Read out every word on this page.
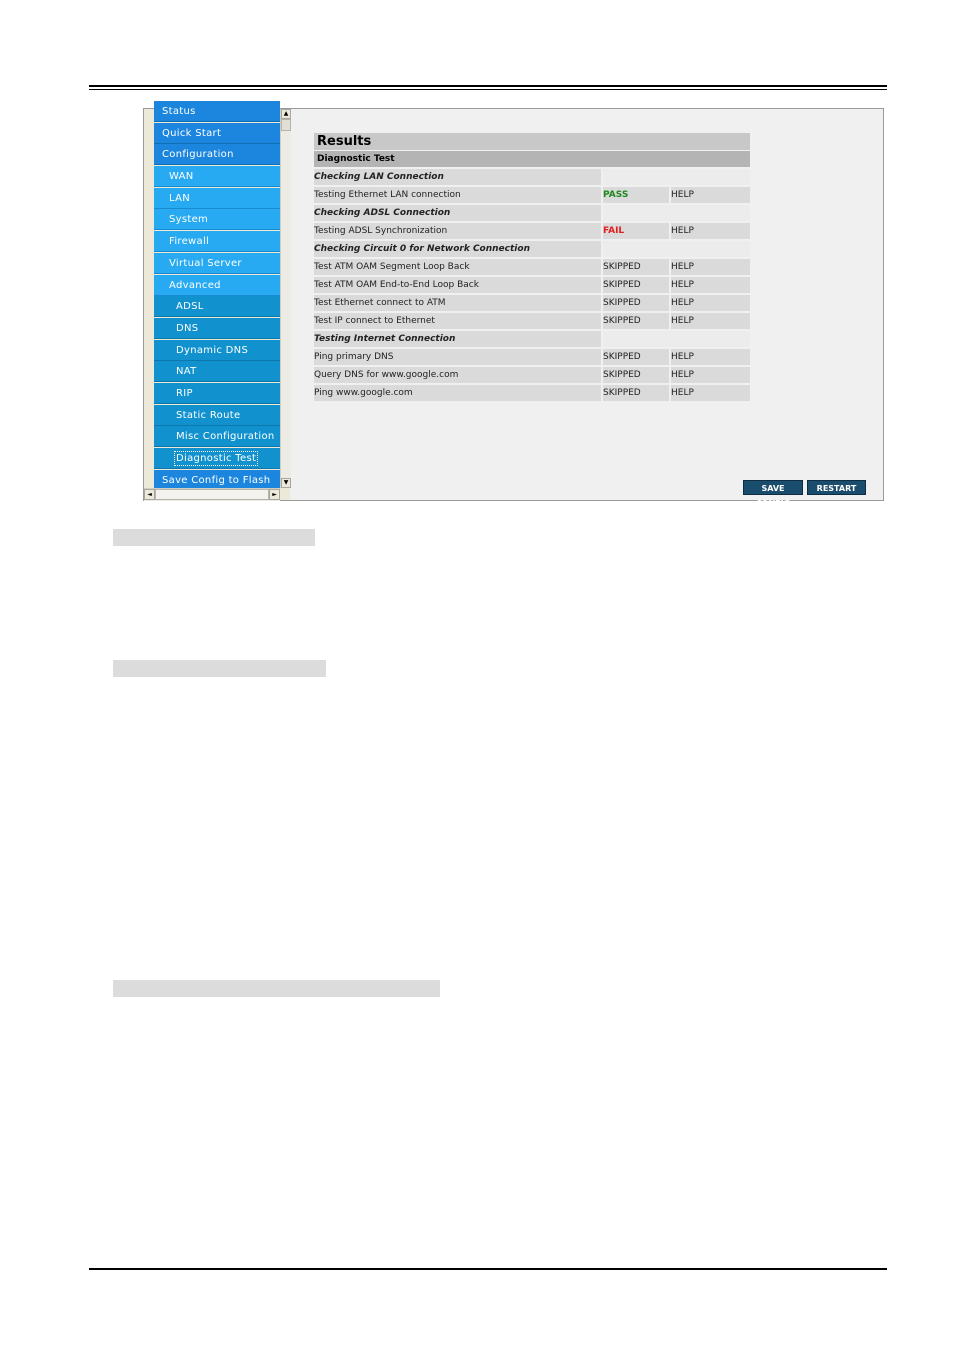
Status
Quick Start
Configuration
WAN
LAN
System
Firewall
Virtual Server
Advanced
ADSL
DNS
Dynamic DNS
NAT
RIP
Static Route
Misc Configuration
Diagnostic Test
Save Config to Flash
▲
▼
◄	►
Results
Diagnostic Test
Checking LAN Connection		
Testing Ethernet LAN connection	PASS	HELP
Checking ADSL Connection		
Testing ADSL Synchronization	FAIL	HELP
Checking Circuit 0 for Network Connection		
Test ATM OAM Segment Loop Back	SKIPPED	HELP
Test ATM OAM End-to-End Loop Back	SKIPPED	HELP
Test Ethernet connect to ATM	SKIPPED	HELP
Test IP connect to Ethernet	SKIPPED	HELP
Testing Internet Connection		
Ping primary DNS	SKIPPED	HELP
Query DNS for www.google.com	SKIPPED	HELP
Ping www.google.com	SKIPPED	HELP
SAVE CONFIG
RESTART
